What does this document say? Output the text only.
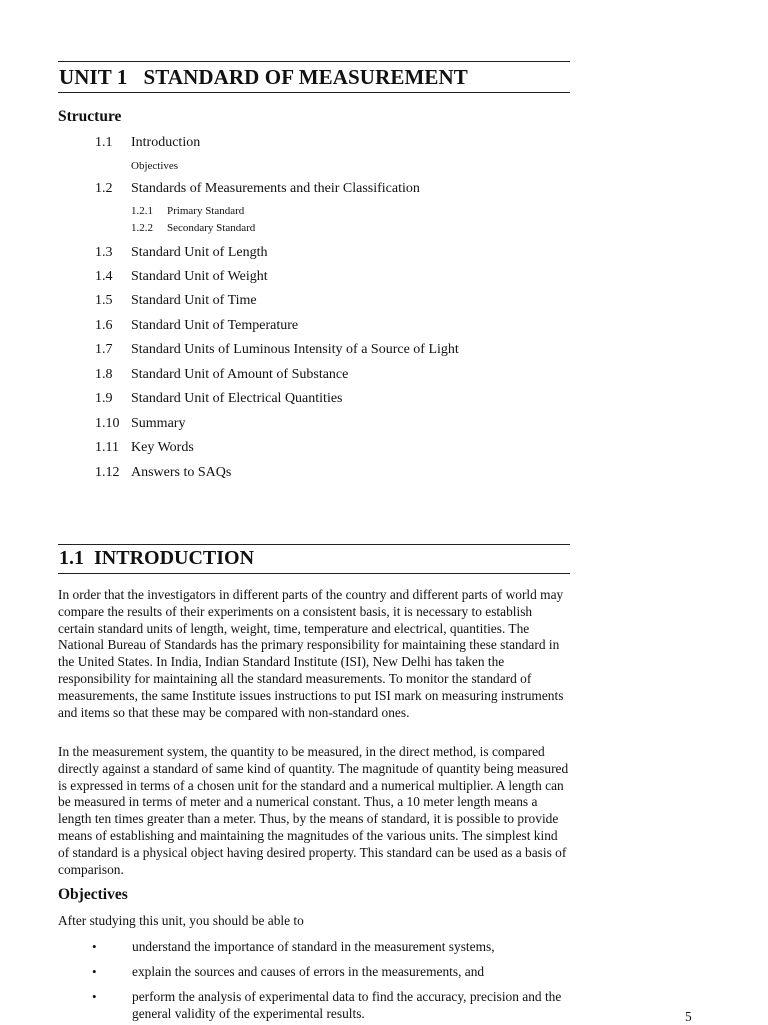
UNIT 1   STANDARD OF MEASUREMENT
Structure
1.1 Introduction
Objectives
1.2 Standards of Measurements and their Classification
1.2.1 Primary Standard
1.2.2 Secondary Standard
1.3 Standard Unit of Length
1.4 Standard Unit of Weight
1.5 Standard Unit of Time
1.6 Standard Unit of Temperature
1.7 Standard Units of Luminous Intensity of a Source of Light
1.8 Standard Unit of Amount of Substance
1.9 Standard Unit of Electrical Quantities
1.10 Summary
1.11 Key Words
1.12 Answers to SAQs
1.1  INTRODUCTION
In order that the investigators in different parts of the country and different parts of world may compare the results of their experiments on a consistent basis, it is necessary to establish certain standard units of length, weight, time, temperature and electrical, quantities. The National Bureau of Standards has the primary responsibility for maintaining these standard in the United States. In India, Indian Standard Institute (ISI), New Delhi has taken the responsibility for maintaining all the standard measurements. To monitor the standard of measurements, the same Institute issues instructions to put ISI mark on measuring instruments and items so that these may be compared with non-standard ones.
In the measurement system, the quantity to be measured, in the direct method, is compared directly against a standard of same kind of quantity. The magnitude of quantity being measured is expressed in terms of a chosen unit for the standard and a numerical multiplier. A length can be measured in terms of meter and a numerical constant. Thus, a 10 meter length means a length ten times greater than a meter. Thus, by the means of standard, it is possible to provide means of establishing and maintaining the magnitudes of the various units. The simplest kind of standard is a physical object having desired property. This standard can be used as a basis of comparison.
Objectives
After studying this unit, you should be able to
•	understand the importance of standard in the measurement systems,
•	explain the sources and causes of errors in the measurements, and
•	perform the analysis of experimental data to find the accuracy, precision and the general validity of the experimental results.	5
